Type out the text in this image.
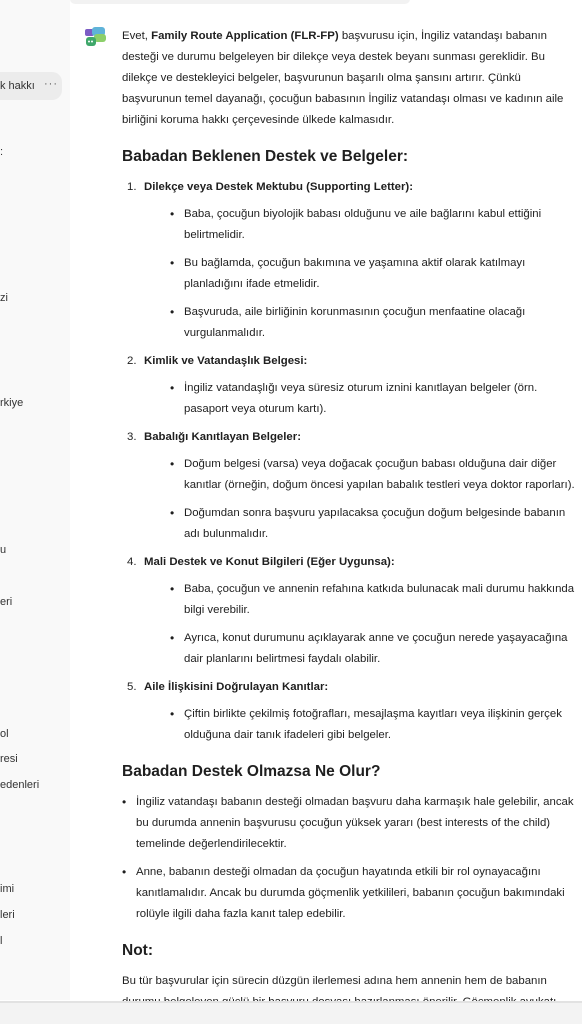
k hakkı ···
:
zi
rkiye
u
eri
ol
resi
edenleri
imi
leri
l

Evet, Family Route Application (FLR-FP) başvurusu için, İngiliz vatandaşı babanın desteği ve durumu belgeleyen bir dilekçe veya destek beyanı sunması gereklidir. Bu dilekçe ve destekleyici belgeler, başvurunun başarılı olma şansını artırır. Çünkü başvurunun temel dayanağı, çocuğun babasının İngiliz vatandaşı olması ve kadının aile birliğini koruma hakkı çerçevesinde ülkede kalmasıdır.

Babadan Beklenen Destek ve Belgeler:
1. Dilekçe veya Destek Mektubu (Supporting Letter):
• Baba, çocuğun biyolojik babası olduğunu ve aile bağlarını kabul ettiğini belirtmelidir.
• Bu bağlamda, çocuğun bakımına ve yaşamına aktif olarak katılmayı planladığını ifade etmelidir.
• Başvuruda, aile birliğinin korunmasının çocuğun menfaatine olacağı vurgulanmalıdır.
2. Kimlik ve Vatandaşlık Belgesi:
• İngiliz vatandaşlığı veya süresiz oturum iznini kanıtlayan belgeler (örn. pasaport veya oturum kartı).
3. Babalığı Kanıtlayan Belgeler:
• Doğum belgesi (varsa) veya doğacak çocuğun babası olduğuna dair diğer kanıtlar (örneğin, doğum öncesi yapılan babalık testleri veya doktor raporları).
• Doğumdan sonra başvuru yapılacaksa çocuğun doğum belgesinde babanın adı bulunmalıdır.
4. Mali Destek ve Konut Bilgileri (Eğer Uygunsa):
• Baba, çocuğun ve annenin refahına katkıda bulunacak mali durumu hakkında bilgi verebilir.
• Ayrıca, konut durumunu açıklayarak anne ve çocuğun nerede yaşayacağına dair planlarını belirtmesi faydalı olabilir.
5. Aile İlişkisini Doğrulayan Kanıtlar:
• Çiftin birlikte çekilmiş fotoğrafları, mesajlaşma kayıtları veya ilişkinin gerçek olduğuna dair tanık ifadeleri gibi belgeler.
Babadan Destek Olmazsa Ne Olur?
• İngiliz vatandaşı babanın desteği olmadan başvuru daha karmaşık hale gelebilir, ancak bu durumda annenin başvurusu çocuğun yüksek yararı (best interests of the child) temelinde değerlendirilecektir.
• Anne, babanın desteği olmadan da çocuğun hayatında etkili bir rol oynayacağını kanıtlamalıdır. Ancak bu durumda göçmenlik yetkilileri, babanın çocuğun bakımındaki rolüyle ilgili daha fazla kanıt talep edebilir.
Not:

Bu tür başvurular için sürecin düzgün ilerlemesi adına hem annenin hem de babanın
